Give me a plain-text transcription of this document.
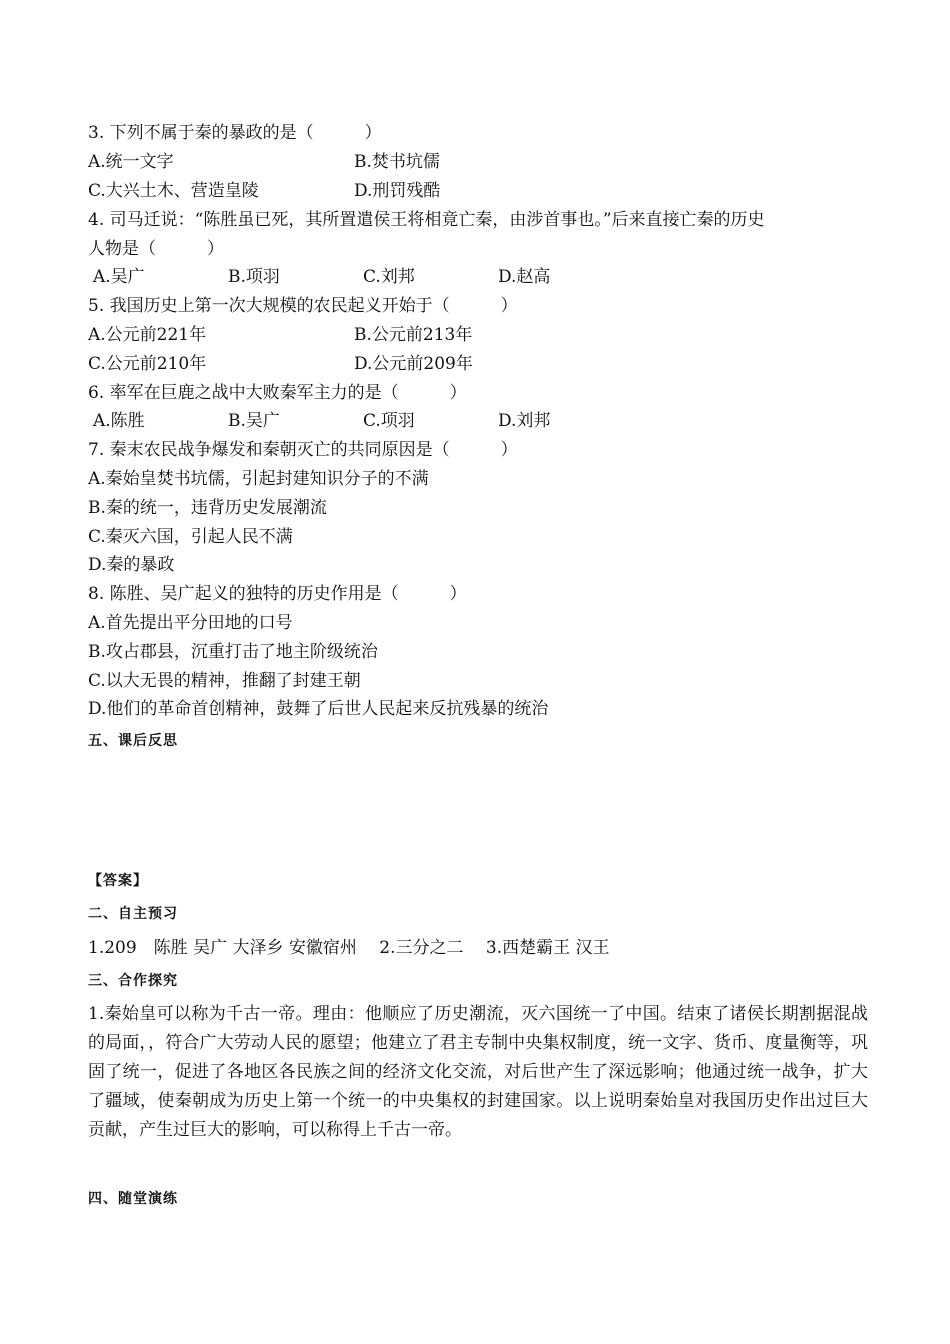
3. 下列不属于秦的暴政的是（　　　）
A.统一文字	B.焚书坑儒
C.大兴土木、营造皇陵	D.刑罚残酷
4. 司马迁说：“陈胜虽已死，其所置遣侯王将相竟亡秦，由涉首事也。”后来直接亡秦的历史
人物是（　　　）
A.吴广	B.项羽	C.刘邦	D.赵高
5. 我国历史上第一次大规模的农民起义开始于（　　　）
A.公元前221年	B.公元前213年
C.公元前210年	D.公元前209年
6. 率军在巨鹿之战中大败秦军主力的是（　　　）
A.陈胜	B.吴广	C.项羽	D.刘邦
7. 秦末农民战争爆发和秦朝灭亡的共同原因是（　　　）
A.秦始皇焚书坑儒，引起封建知识分子的不满
B.秦的统一，违背历史发展潮流
C.秦灭六国，引起人民不满
D.秦的暴政
8. 陈胜、吴广起义的独特的历史作用是（　　　）
A.首先提出平分田地的口号
B.攻占郡县，沉重打击了地主阶级统治
C.以大无畏的精神，推翻了封建王朝
D.他们的革命首创精神，鼓舞了后世人民起来反抗残暴的统治
五、课后反思
【答案】
二、自主预习
1.209　陈胜 吴广 大泽乡 安徽宿州　 2.三分之二　 3.西楚霸王 汉王
三、合作探究
1.秦始皇可以称为千古一帝。理由：他顺应了历史潮流，灭六国统一了中国。结束了诸侯长期割据混战的局面，，符合广大劳动人民的愿望；他建立了君主专制中央集权制度，统一文字、货币、度量衡等，巩固了统一，促进了各地区各民族之间的经济文化交流，对后世产生了深远影响；他通过统一战争，扩大了疆域，使秦朝成为历史上第一个统一的中央集权的封建国家。以上说明秦始皇对我国历史作出过巨大贡献，产生过巨大的影响，可以称得上千古一帝。
四、随堂演练
